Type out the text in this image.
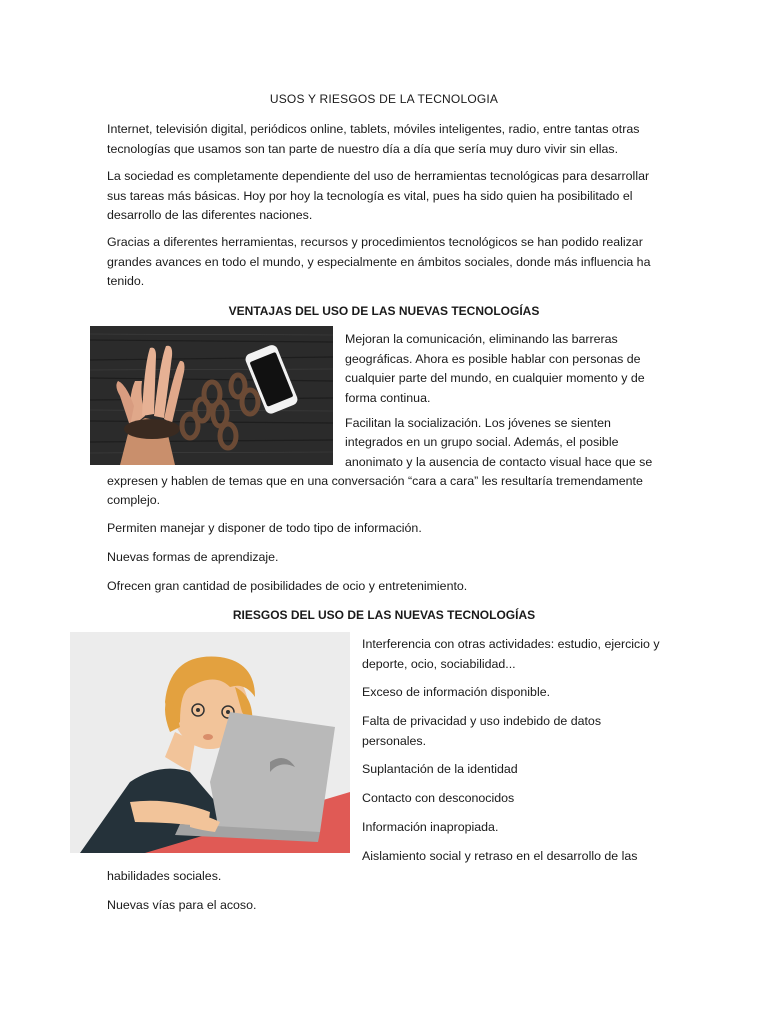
USOS Y RIESGOS DE LA TECNOLOGIA

Internet, televisión digital, periódicos online, tablets, móviles inteligentes, radio, entre tantas otras tecnologías que usamos son tan parte de nuestro día a día que sería muy duro vivir sin ellas.

La sociedad es completamente dependiente del uso de herramientas tecnológicas para desarrollar sus tareas más básicas. Hoy por hoy la tecnología es vital, pues ha sido quien ha posibilitado el desarrollo de las diferentes naciones.

Gracias a diferentes herramientas, recursos y procedimientos tecnológicos se han podido realizar grandes avances en todo el mundo, y especialmente en ámbitos sociales, donde más influencia ha tenido.

VENTAJAS DEL USO DE LAS NUEVAS TECNOLOGÍAS

Mejoran la comunicación, eliminando las barreras geográficas. Ahora es posible hablar con personas de cualquier parte del mundo, en cualquier momento y de forma continua.

Facilitan la socialización. Los jóvenes se sienten
integrados en un grupo social. Además, el posible
anonimato y la ausencia de contacto visual hace que se
expresen y hablen de temas que en una conversación “cara a cara” les resultaría tremendamente
complejo.
Permiten manejar y disponer de todo tipo de información.
Nuevas formas de aprendizaje.
Ofrecen gran cantidad de posibilidades de ocio y entretenimiento.
RIESGOS DEL USO DE LAS NUEVAS TECNOLOGÍAS

Interferencia con otras actividades: estudio, ejercicio y deporte, ocio, sociabilidad...

Exceso de información disponible.

Falta de privacidad y uso indebido de datos personales.

Suplantación de la identidad
Contacto con desconocidos
Información inapropiada.
Aislamiento social y retraso en el desarrollo de las
habilidades sociales.
Nuevas vías para el acoso.
